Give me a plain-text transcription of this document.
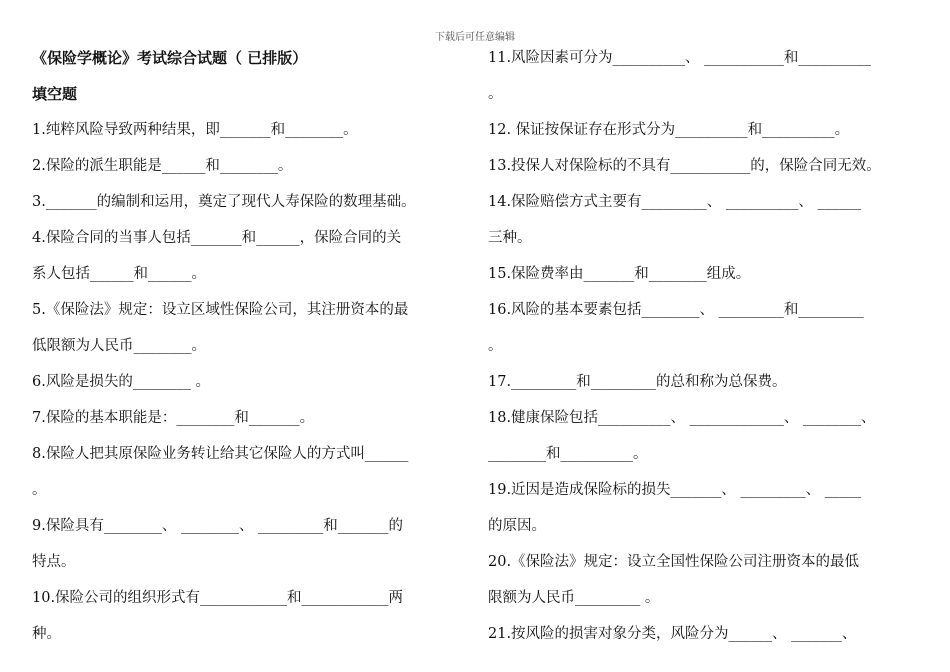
下载后可任意编辑
《保险学概论》考试综合试题（ 已排版）
填空题
1.纯粹风险导致两种结果，即_______和________。
2.保险的派生职能是______和________。
3._______的编制和运用，奠定了现代人寿保险的数理基础。
4.保险合同的当事人包括_______和______，保险合同的关
系人包括______和______。
5.《保险法》规定：设立区域性保险公司，其注册资本的最
低限额为人民币________。
6.风险是损失的________ 。
7.保险的基本职能是：________和_______。
8.保险人把其原保险业务转让给其它保险人的方式叫______
。
9.保险具有________、 ________、 _________和_______的
特点。
10.保险公司的组织形式有____________和____________两
种。
11.风险因素可分为__________、 ___________和__________
。
12. 保证按保证存在形式分为__________和__________。
13.投保人对保险标的不具有___________的，保险合同无效。
14.保险赔偿方式主要有_________、 __________、 ______
三种。
15.保险费率由_______和________组成。
16.风险的基本要素包括________、 _________和_________
。
17._________和_________的总和称为总保费。
18.健康保险包括__________、 _____________、 ________、
________和__________。
19.近因是造成保险标的损失_______、 _________、 _____
的原因。
20.《保险法》规定：设立全国性保险公司注册资本的最低
限额为人民币_________ 。
21.按风险的损害对象分类，风险分为______、 _______、
